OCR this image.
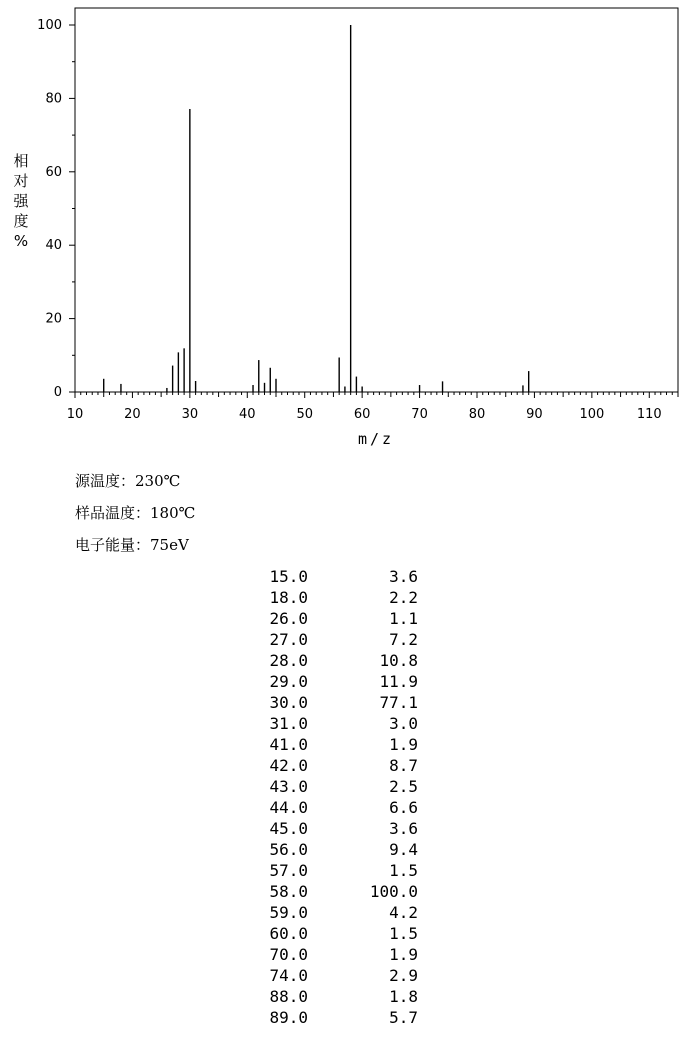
相
对
强
度
%
0
20
40
60
80
100
10	20	30	40	50	60	70	80	90	100	110
m/z
源温度：230℃
样品温度：180℃
电子能量：75eV
15.0	3.6
18.0	2.2
26.0	1.1
27.0	7.2
28.0	10.8
29.0	11.9
30.0	77.1
31.0	3.0
41.0	1.9
42.0	8.7
43.0	2.5
44.0	6.6
45.0	3.6
56.0	9.4
57.0	1.5
58.0	100.0
59.0	4.2
60.0	1.5
70.0	1.9
74.0	2.9
88.0	1.8
89.0	5.7
